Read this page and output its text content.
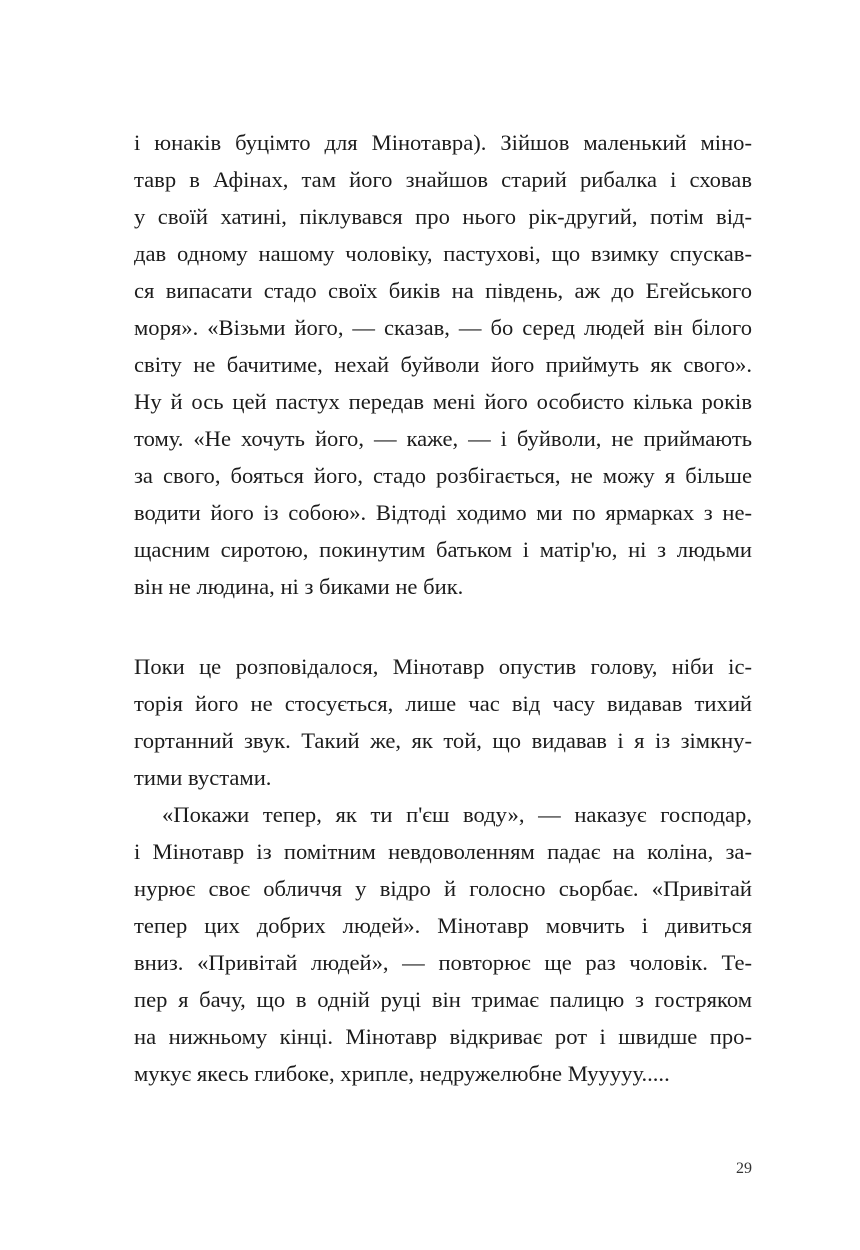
і юнаків буцімто для Мінотавра). Зійшов маленький міно-
тавр в Афінах, там його знайшов старий рибалка і сховав
у своїй хатині, піклувався про нього рік-другий, потім від-
дав одному нашому чоловіку, пастухові, що взимку спускав-
ся випасати стадо своїх биків на південь, аж до Егейського
моря». «Візьми його, — сказав, — бо серед людей він білого
світу не бачитиме, нехай буйволи його приймуть як свого».
Ну й ось цей пастух передав мені його особисто кілька років
тому. «Не хочуть його, — каже, — і буйволи, не приймають
за свого, бояться його, стадо розбігається, не можу я більше
водити його із собою». Відтоді ходимо ми по ярмарках з не-
щасним сиротою, покинутим батьком і матір'ю, ні з людьми
він не людина, ні з биками не бик.
Поки це розповідалося, Мінотавр опустив голову, ніби іс-
торія його не стосується, лише час від часу видавав тихий
гортанний звук. Такий же, як той, що видавав і я із зімкну-
тими вустами.
«Покажи тепер, як ти п'єш воду», — наказує господар,
і Мінотавр із помітним невдоволенням падає на коліна, за-
нурює своє обличчя у відро й голосно сьорбає. «Привітай
тепер цих добрих людей». Мінотавр мовчить і дивиться
вниз. «Привітай людей», — повторює ще раз чоловік. Те-
пер я бачу, що в одній руці він тримає палицю з гостряком
на нижньому кінці. Мінотавр відкриває рот і швидше про-
мукує якесь глибоке, хрипле, недружелюбне Мууууу.....
29
